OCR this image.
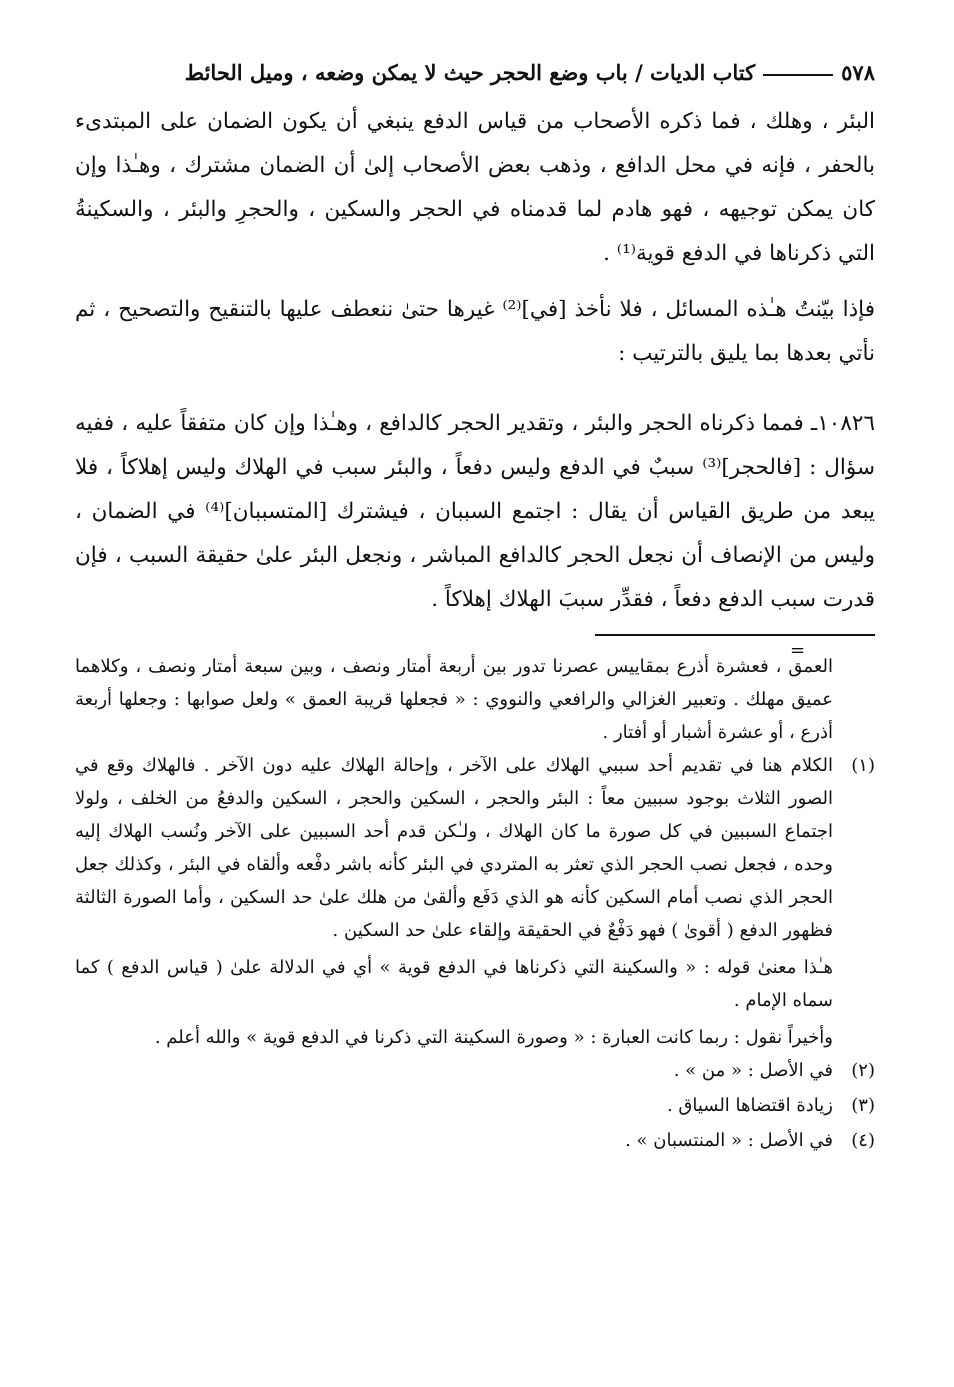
٥٧٨كتاب الديات / باب وضع الحجر حيث لا يمكن وضعه ، وميل الحائط

البئر ، وهلك ، فما ذكره الأصحاب من قياس الدفع ينبغي أن يكون الضمان على المبتدىء بالحفر ، فإنه في محل الدافع ، وذهب بعض الأصحاب إلىٰ أن الضمان مشترك ، وهـٰذا وإن كان يمكن توجيهه ، فهو هادم لما قدمناه في الحجر والسكين ، والحجرِ والبئر ، والسكينةُ التي ذكرناها في الدفع قوية⁽¹⁾ .

فإذا بيّنتُ هـٰذه المسائل ، فلا نأخذ [في]⁽²⁾ غيرها حتىٰ ننعطف عليها بالتنقيح والتصحيح ، ثم نأتي بعدها بما يليق بالترتيب :

١٠٨٢٦ـ فمما ذكرناه الحجر والبئر ، وتقدير الحجر كالدافع ، وهـٰذا وإن كان متفقاً عليه ، ففيه سؤال : [فالحجر]⁽³⁾ سببٌ في الدفع وليس دفعاً ، والبئر سبب في الهلاك وليس إهلاكاً ، فلا يبعد من طريق القياس أن يقال : اجتمع السببان ، فيشترك [المتسببان]⁽⁴⁾ في الضمان ، وليس من الإنصاف أن نجعل الحجر كالدافع المباشر ، ونجعل البئر علىٰ حقيقة السبب ، فإن قدرت سبب الدفع دفعاً ، فقدِّر سببَ الهلاك إهلاكاً .

العمق ، فعشرة أذرع بمقاييس عصرنا تدور بين أربعة أمتار ونصف ، وبين سبعة أمتار ونصف ، وكلاهما عميق مهلك . وتعبير الغزالي والرافعي والنووي : « فجعلها قريبة العمق » ولعل صوابها : وجعلها أربعة أذرع ، أو عشرة أشبار أو أفتار .
(١)
الكلام هنا في تقديم أحد سببي الهلاك على الآخر ، وإحالة الهلاك عليه دون الآخر . فالهلاك وقع في الصور الثلاث بوجود سببين معاً : البئر والحجر ، السكين والحجر ، السكين والدفعُ من الخلف ، ولولا اجتماع السببين في كل صورة ما كان الهلاك ، ولـٰكن قدم أحد السببين على الآخر ونُسب الهلاك إليه وحده ، فجعل نصب الحجر الذي تعثر به المتردي في البئر كأنه باشر دفْعه وألقاه في البئر ، وكذلك جعل الحجر الذي نصب أمام السكين كأنه هو الذي دَفَع وألقىٰ من هلك علىٰ حد السكين ، وأما الصورة الثالثة فظهور الدفع ( أقوىٰ ) فهو دَفْعٌ في الحقيقة وإلقاء علىٰ حد السكين .
هـٰذا معنىٰ قوله : « والسكينة التي ذكرناها في الدفع قوية » أي في الدلالة علىٰ ( قياس الدفع ) كما سماه الإمام .
وأخيراً نقول : ربما كانت العبارة : « وصورة السكينة التي ذكرنا في الدفع قوية » والله أعلم .
(٢)
في الأصل : « من » .
(٣)
زيادة اقتضاها السياق .
(٤)
في الأصل : « المنتسبان » .
=
